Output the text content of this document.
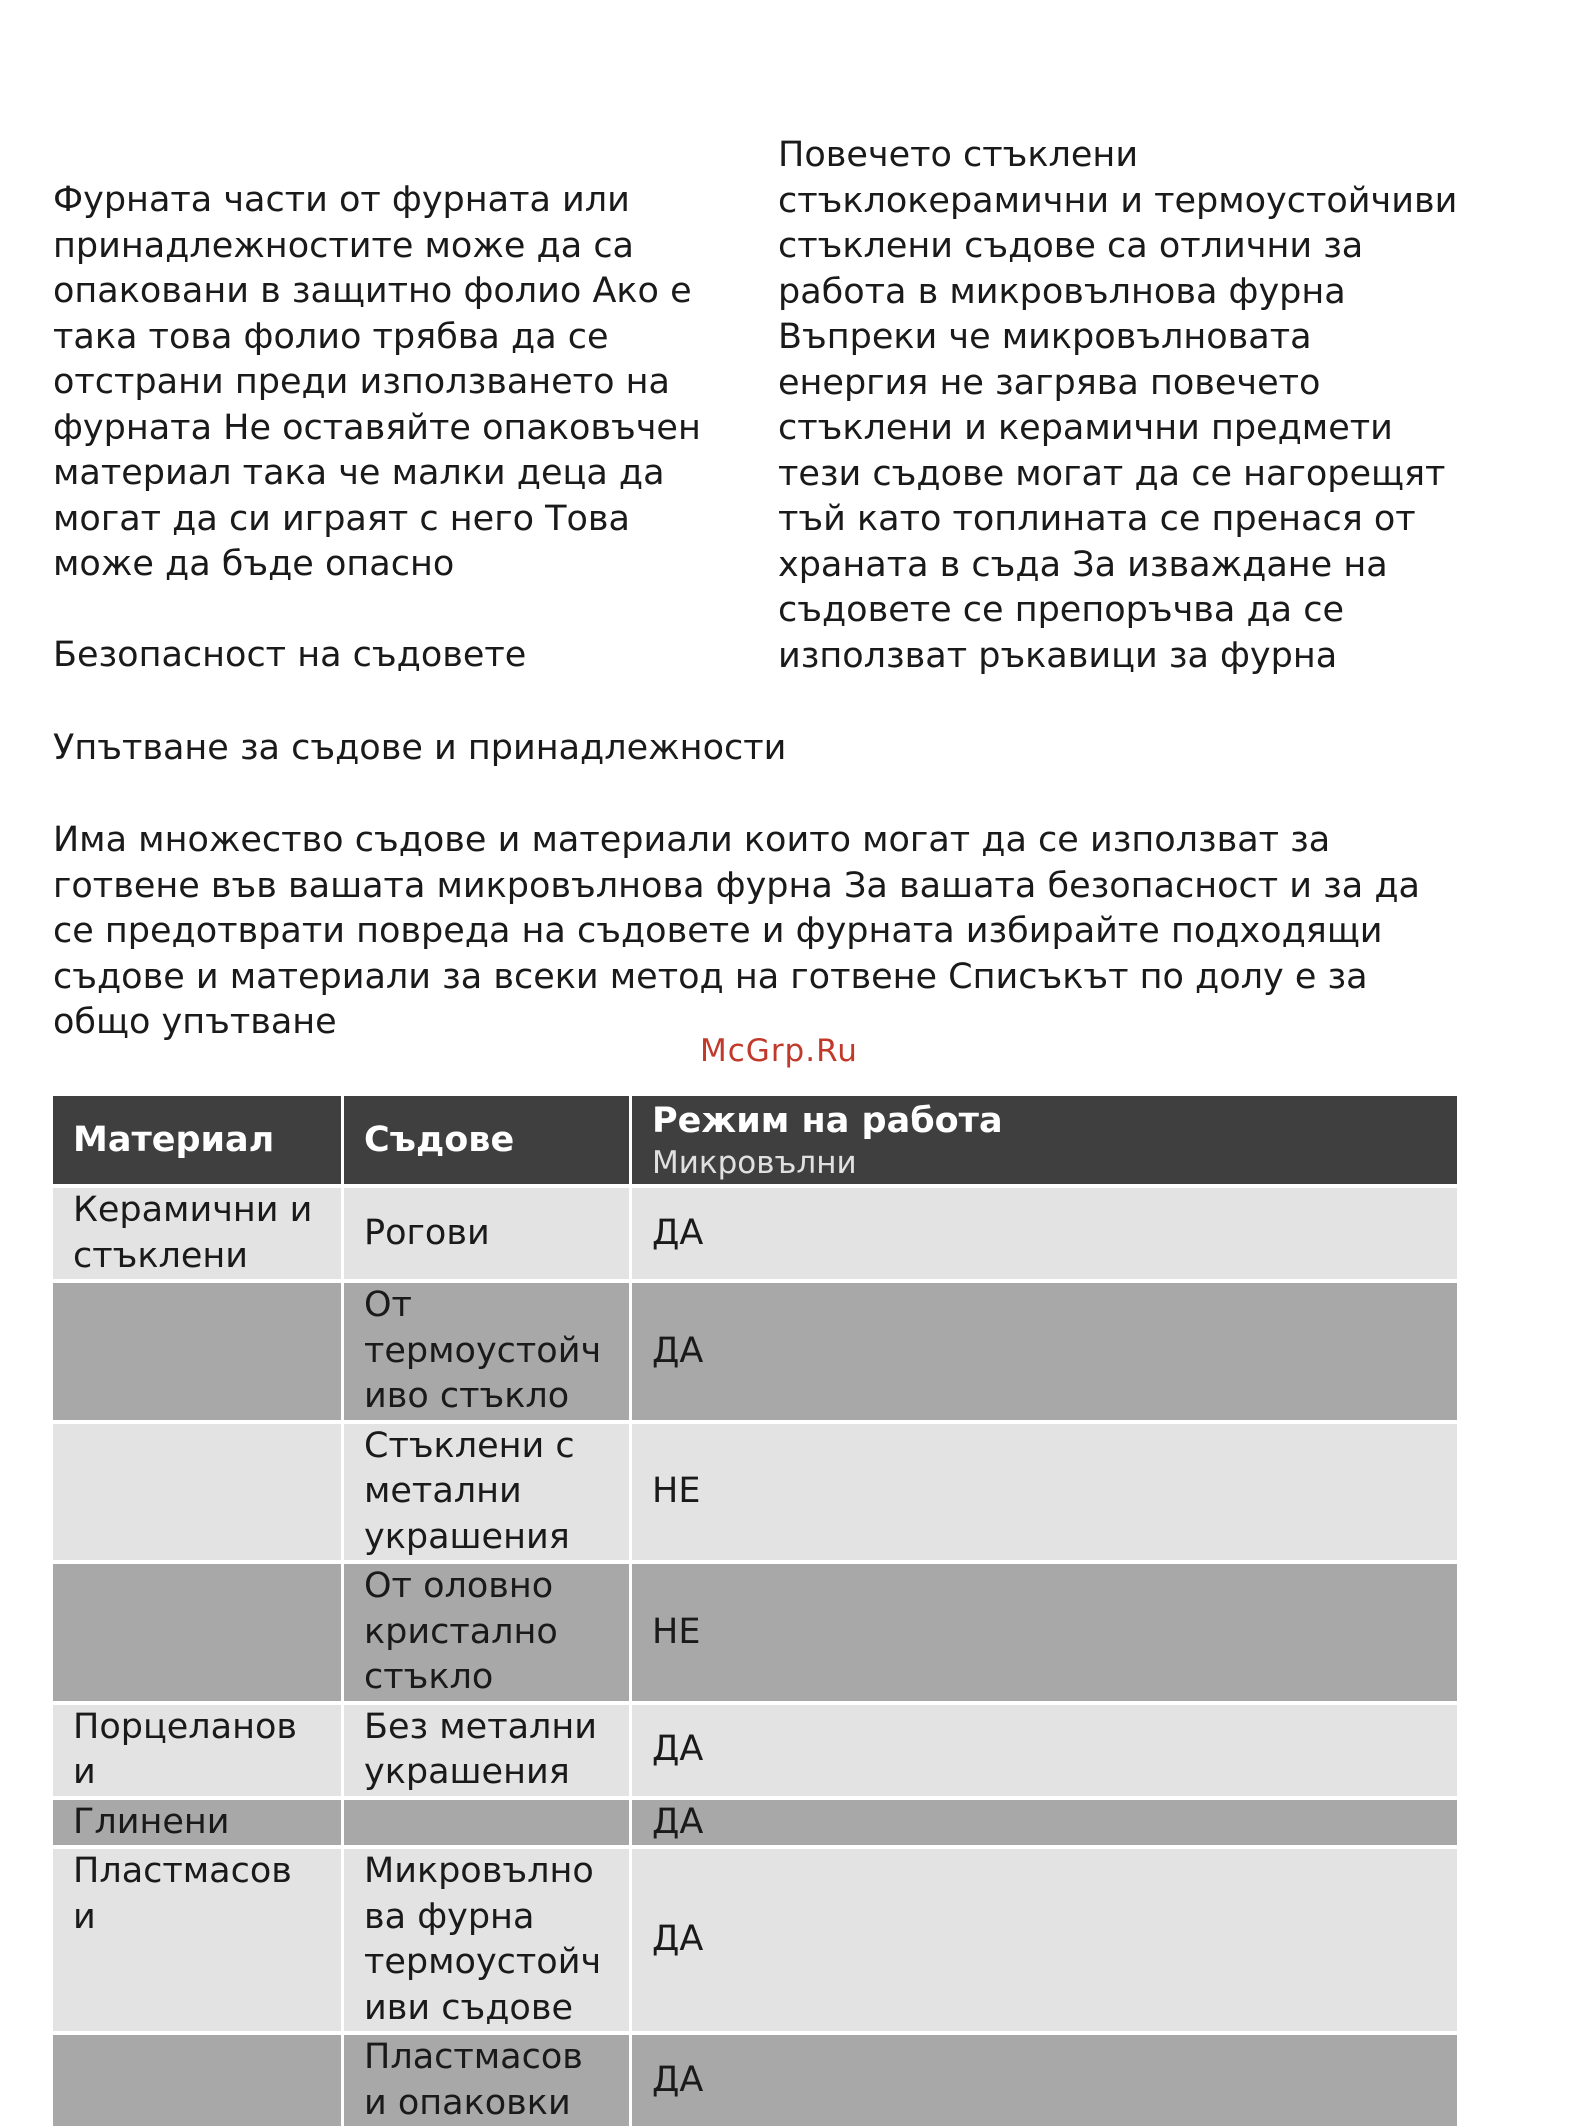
Фурната части от фурната или
принадлежностите може да са
опаковани в защитно фолио Ако е
така това фолио трябва да се
отстрани преди използването на
фурната Не оставяйте опаковъчен
материал така че малки деца да
могат да си играят с него Това
може да бъде опасно

Безопасност на съдовете
Повечето стъклени
стъклокерамични и термоустойчиви
стъклени съдове са отлични за
работа в микровълнова фурна
Въпреки че микровълновата
енергия не загрява повечето
стъклени и керамични предмети
тези съдове могат да се нагорещят
тъй като топлината се пренася от
храната в съда За изваждане на
съдовете се препоръчва да се
използват ръкавици за фурна
Упътване за съдове и принадлежности
Има множество съдове и материали които могат да се използват за
готвене във вашата микровълнова фурна За вашата безопасност и за да
се предотврати повреда на съдовете и фурната избирайте подходящи
съдове и материали за всеки метод на готвене Списъкът по долу е за
общо упътване
McGrp.Ru
Материал	Съдове	Режим на работа
Микровълни

Керамични и
стъклени	Рогови	ДА
	От
термоустойч
иво стъкло	ДА
	Стъклени с
метални
украшения	НЕ
	От оловно
кристално
стъкло	НЕ
Порцеланов
и	Без метални
украшения	ДА
Глинени		ДА
Пластмасов
и	Микровълно
ва фурна
термоустойч
иви съдове	ДА
	Пластмасов
и опаковки	ДА
